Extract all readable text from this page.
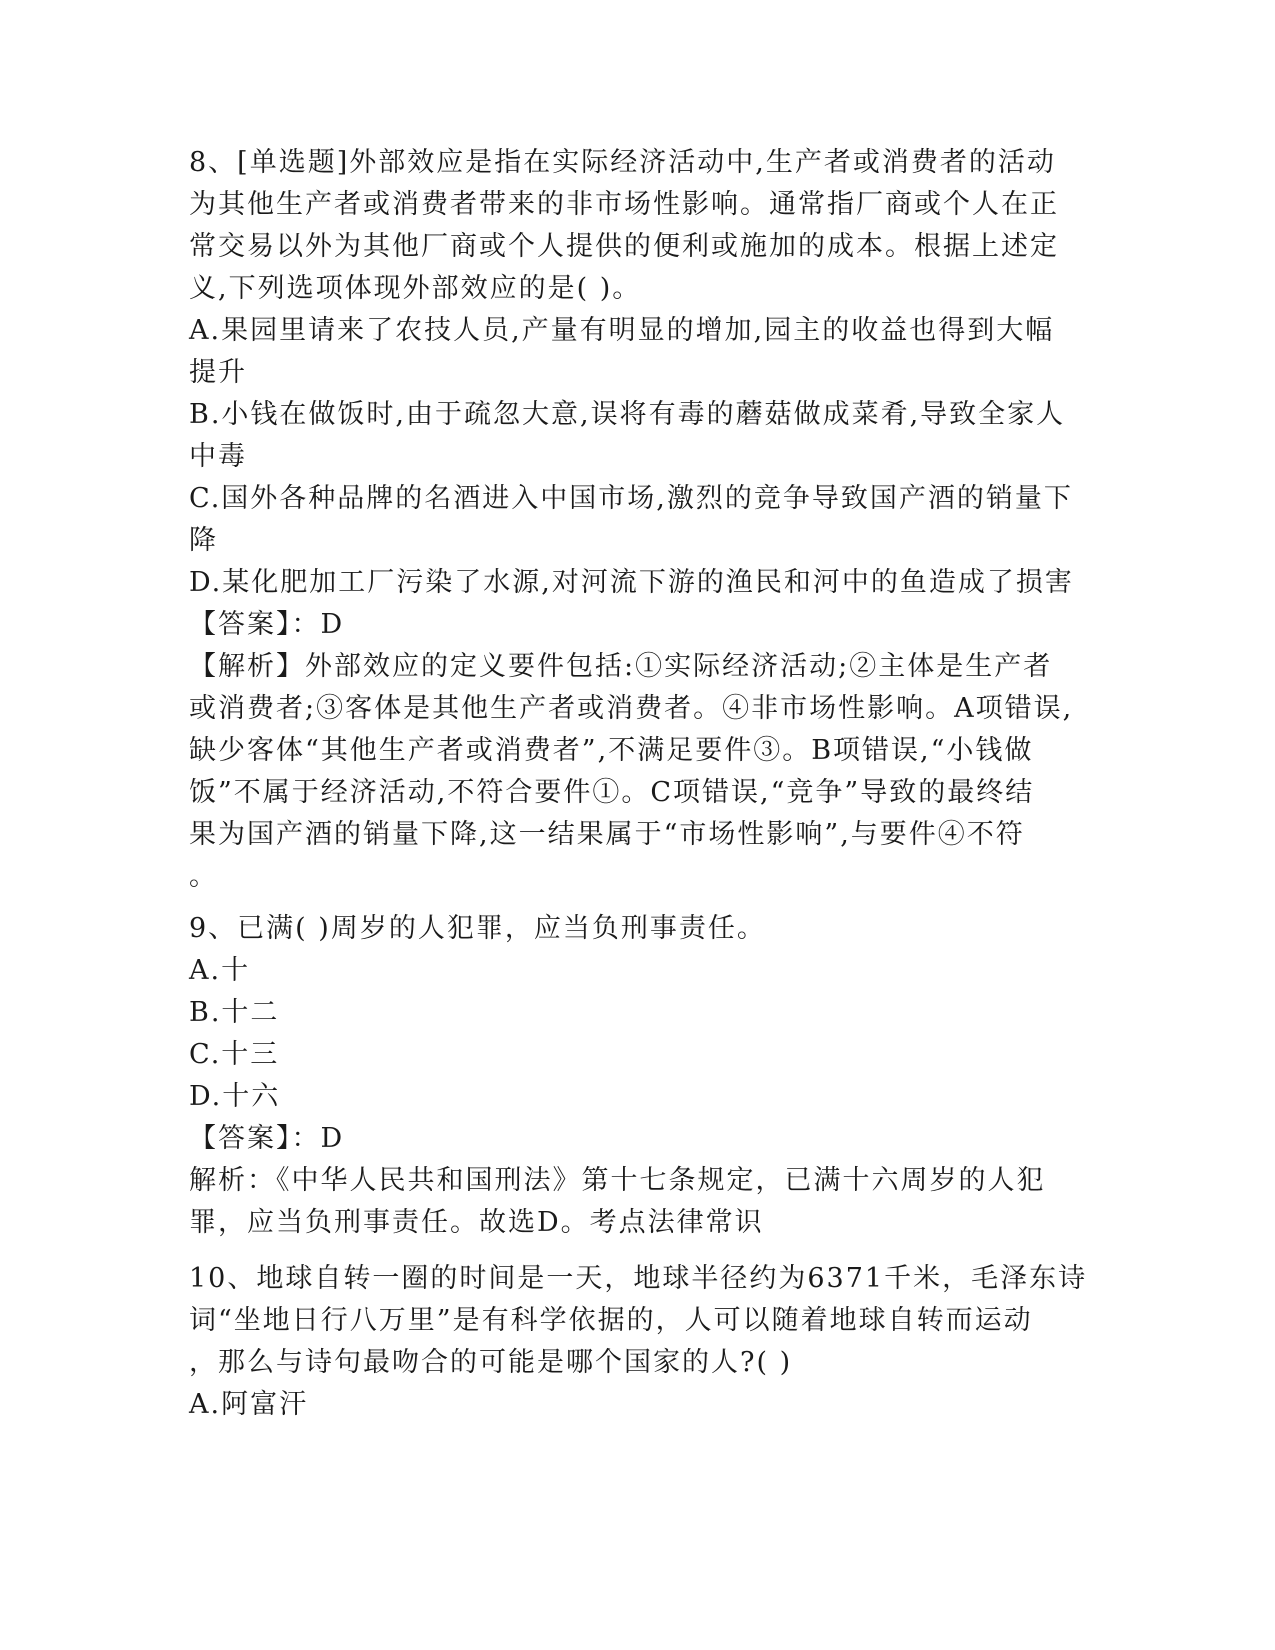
8、[单选题]外部效应是指在实际经济活动中,生产者或消费者的活动
为其他生产者或消费者带来的非市场性影响。通常指厂商或个人在正
常交易以外为其他厂商或个人提供的便利或施加的成本。根据上述定
义,下列选项体现外部效应的是( )。
A.果园里请来了农技人员,产量有明显的增加,园主的收益也得到大幅
提升
B.小钱在做饭时,由于疏忽大意,误将有毒的蘑菇做成菜肴,导致全家人
中毒
C.国外各种品牌的名酒进入中国市场,激烈的竞争导致国产酒的销量下
降
D.某化肥加工厂污染了水源,对河流下游的渔民和河中的鱼造成了损害
【答案】：D
【解析】外部效应的定义要件包括:①实际经济活动;②主体是生产者
或消费者;③客体是其他生产者或消费者。④非市场性影响。A项错误,
缺少客体“其他生产者或消费者”,不满足要件③。B项错误,“小钱做
饭”不属于经济活动,不符合要件①。C项错误,“竞争”导致的最终结
果为国产酒的销量下降,这一结果属于“市场性影响”,与要件④不符
。
9、已满( )周岁的人犯罪，应当负刑事责任。
A.十
B.十二
C.十三
D.十六
【答案】：D
解析：《中华人民共和国刑法》第十七条规定，已满十六周岁的人犯
罪，应当负刑事责任。故选D。考点法律常识
10、地球自转一圈的时间是一天，地球半径约为6371千米，毛泽东诗
词“坐地日行八万里”是有科学依据的，人可以随着地球自转而运动
，那么与诗句最吻合的可能是哪个国家的人?( )
A.阿富汗
